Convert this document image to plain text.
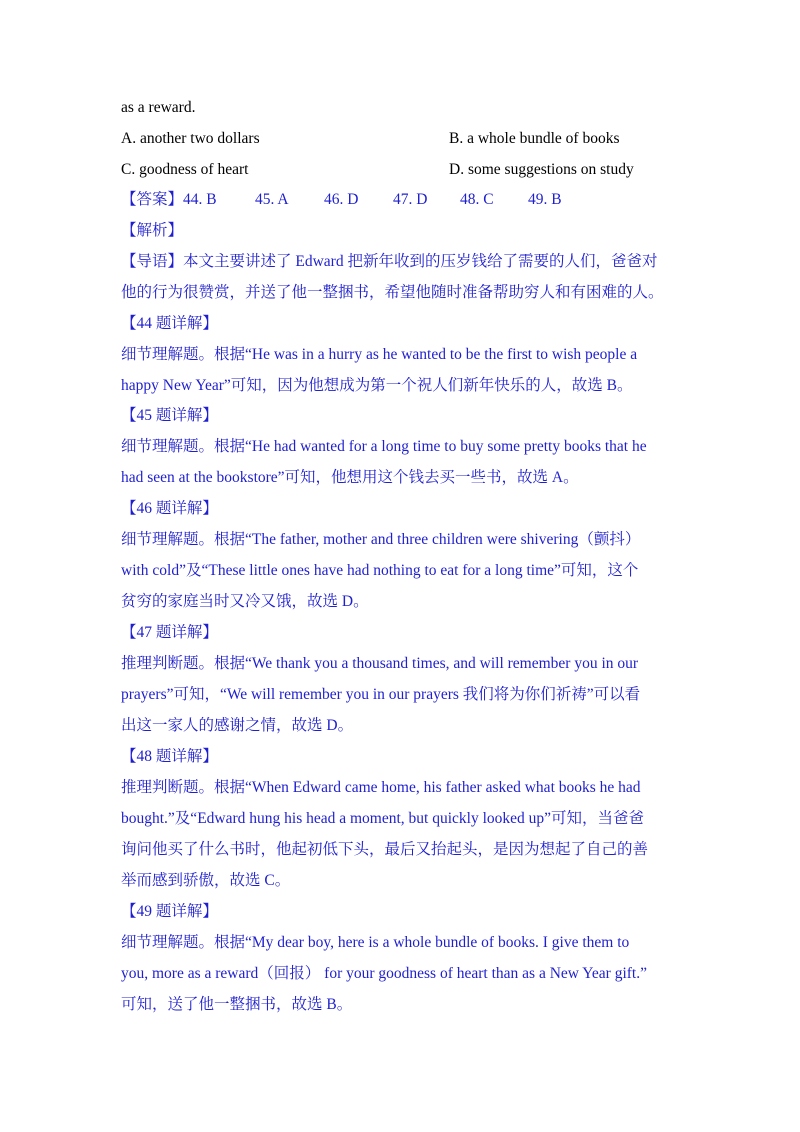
as a reward.
A. another two dollars	B. a whole bundle of books
C. goodness of heart	D. some suggestions on study
【答案】44. B 45. A 46. D 47. D 48. C 49. B
【解析】
【导语】本文主要讲述了 Edward 把新年收到的压岁钱给了需要的人们，爸爸对
他的行为很赞赏，并送了他一整捆书，希望他随时准备帮助穷人和有困难的人。
【44 题详解】
细节理解题。根据“He was in a hurry as he wanted to be the first to wish people a
happy New Year”可知，因为他想成为第一个祝人们新年快乐的人，故选 B。
【45 题详解】
细节理解题。根据“He had wanted for a long time to buy some pretty books that he
had seen at the bookstore”可知，他想用这个钱去买一些书，故选 A。
【46 题详解】
细节理解题。根据“The father, mother and three children were shivering（颤抖）
with cold”及“These little ones have had nothing to eat for a long time”可知，这个
贫穷的家庭当时又冷又饿，故选 D。
【47 题详解】
推理判断题。根据“We thank you a thousand times, and will remember you in our
prayers”可知，“We will remember you in our prayers 我们将为你们祈祷”可以看
出这一家人的感谢之情，故选 D。
【48 题详解】
推理判断题。根据“When Edward came home, his father asked what books he had
bought.”及“Edward hung his head a moment, but quickly looked up”可知，当爸爸
询问他买了什么书时，他起初低下头，最后又抬起头，是因为想起了自己的善
举而感到骄傲，故选 C。
【49 题详解】
细节理解题。根据“My dear boy, here is a whole bundle of books. I give them to
you, more as a reward（回报） for your goodness of heart than as a New Year gift.”
可知，送了他一整捆书，故选 B。
